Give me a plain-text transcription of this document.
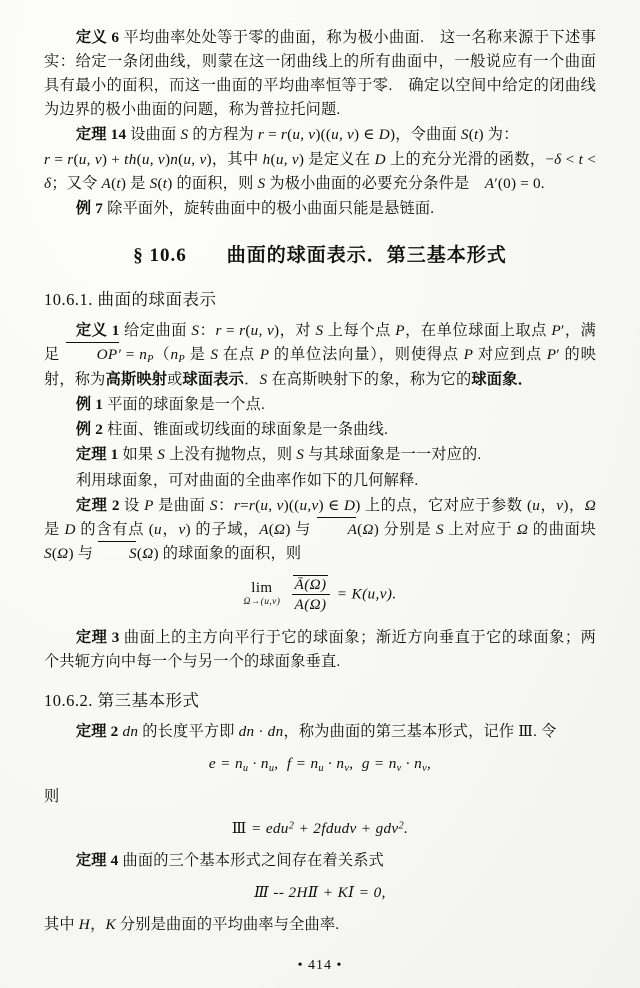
定义 6 平均曲率处处等于零的曲面，称为极小曲面.　这一名称来源于下述事实：给定一条闭曲线，则蒙在这一闭曲线上的所有曲面中，一般说应有一个曲面具有最小的面积，而这一曲面的平均曲率恒等于零.　确定以空间中给定的闭曲线为边界的极小曲面的问题，称为普拉托问题.

定理 14 设曲面 S 的方程为 r = r(u, v)((u, v) ∈ D)，令曲面 S(t) 为：

r = r(u, v) + th(u, v)n(u, v)，其中 h(u, v) 是定义在 D 上的充分光滑的函数，−δ < t < δ；又令 A(t) 是 S(t) 的面积，则 S 为极小曲面的必要充分条件是　A′(0) = 0.

例 7 除平面外，旋转曲面中的极小曲面只能是悬链面.

§ 10.6　　曲面的球面表示．第三基本形式
10.6.1. 曲面的球面表示

定义 1 给定曲面 S：r = r(u, v)，对 S 上每个点 P，在单位球面上取点 P′，满足 $OP' = n_P(n_P$ 是 S 在点 P 的单位法向量），则使得点 P 对应到点 P′ 的映射，称为高斯映射或球面表示．S 在高斯映射下的象，称为它的球面象．

例 1 平面的球面象是一个点.

例 2 柱面、锥面或切线面的球面象是一条曲线.

定理 1 如果 S 上没有抛物点，则 S 与其球面象是一一对应的.

利用球面象，可对曲面的全曲率作如下的几何解释.

定理 2 设 P 是曲面 S：r=r(u, v)((u,v) ∈ D) 上的点，它对应于参数 (u，v)，Ω 是 D 的含有点 (u，v) 的子域，A(Ω) 与 A(Ω) 分别是 S 上对应于 Ω 的曲面块 S(Ω) 与 S(Ω) 的球面象的面积，则

lim
Ω→(u,v)
$\frac{Ā(\Omega)}{A(\Omega)} = K(u,v)$.

定理 3 曲面上的主方向平行于它的球面象；渐近方向垂直于它的球面象；两个共轭方向中每一个与另一个的球面象垂直.

10.6.2. 第三基本形式

定理 2 dn 的长度平方即 dn · dn，称为曲面的第三基本形式，记作 Ⅲ. 令

$e = n_u \cdot n_u$,  $f = n_u \cdot n_v$,  $g = n_v \cdot n_v$,

则

Ⅲ = edu$^2$ + 2fdudv + gdv$^2$.

定理 4 曲面的三个基本形式之间存在着关系式

Ⅲ -- 2HⅡ + KⅠ = 0,

其中 H，K 分别是曲面的平均曲率与全曲率.

• 414 •
